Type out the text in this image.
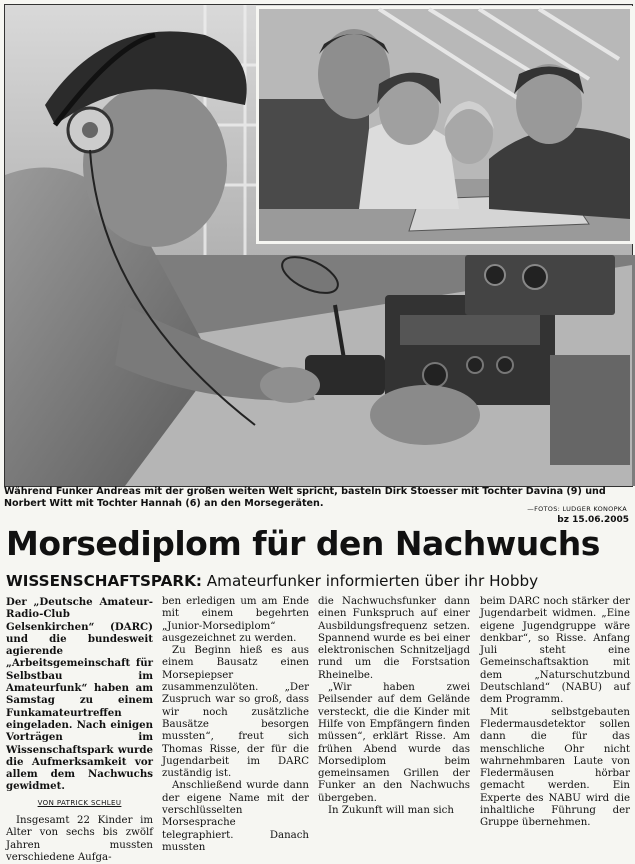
Während Funker Andreas mit der großen weiten Welt spricht, basteln Dirk Stoesser mit Tochter Davina (9) und Norbert Witt mit Tochter Hannah (6) an den Morsegeräten.	—FOTOS: LUDGER KONOPKA
bz 15.06.2005
Morsediplom für den Nachwuchs
WISSENSCHAFTSPARK: Amateurfunker informierten über ihr Hobby

Der „Deutsche Amateur-Radio-Club Gelsenkirchen“ (DARC) und die bundesweit agierende „Arbeitsgemeinschaft für Selbstbau im Amateurfunk“ haben am Samstag zu einem Funkamateurtreffen eingeladen. Nach einigen Vorträgen im Wissenschaftspark wurde die Aufmerksamkeit vor allem dem Nachwuchs gewidmet.

VON PATRICK SCHLEU

Insgesamt 22 Kinder im Alter von sechs bis zwölf Jahren mussten verschiedene Aufga-

ben erledigen um am Ende mit einem begehrten „Junior-Morsediplom“ ausgezeichnet zu werden.

Zu Beginn hieß es aus einem Bausatz einen Morsepiepser zusammenzulöten. „Der Zuspruch war so groß, dass wir noch zusätzliche Bausätze besorgen mussten“, freut sich Thomas Risse, der für die Jugendarbeit im DARC zuständig ist.

Anschließend wurde dann der eigene Name mit der verschlüsselten Morsesprache telegraphiert. Danach mussten

die Nachwuchsfunker dann einen Funkspruch auf einer Ausbildungsfrequenz setzen. Spannend wurde es bei einer elektronischen Schnitzeljagd rund um die Forstsation Rheinelbe.

„Wir haben zwei Peilsender auf dem Gelände versteckt, die die Kinder mit Hilfe von Empfängern finden müssen“, erklärt Risse. Am frühen Abend wurde das Morsediplom beim gemeinsamen Grillen der Funker an den Nachwuchs übergeben.

In Zukunft will man sich

beim DARC noch stärker der Jugendarbeit widmen. „Eine eigene Jugendgruppe wäre denkbar“, so Risse. Anfang Juli steht eine Gemeinschaftsaktion mit dem „Naturschutzbund Deutschland“ (NABU) auf dem Programm.

Mit selbstgebauten Fledermausdetektor sollen dann die für das menschliche Ohr nicht wahrnehmbaren Laute von Fledermäusen hörbar gemacht werden. Ein Experte des NABU wird die inhaltliche Führung der Gruppe übernehmen.
